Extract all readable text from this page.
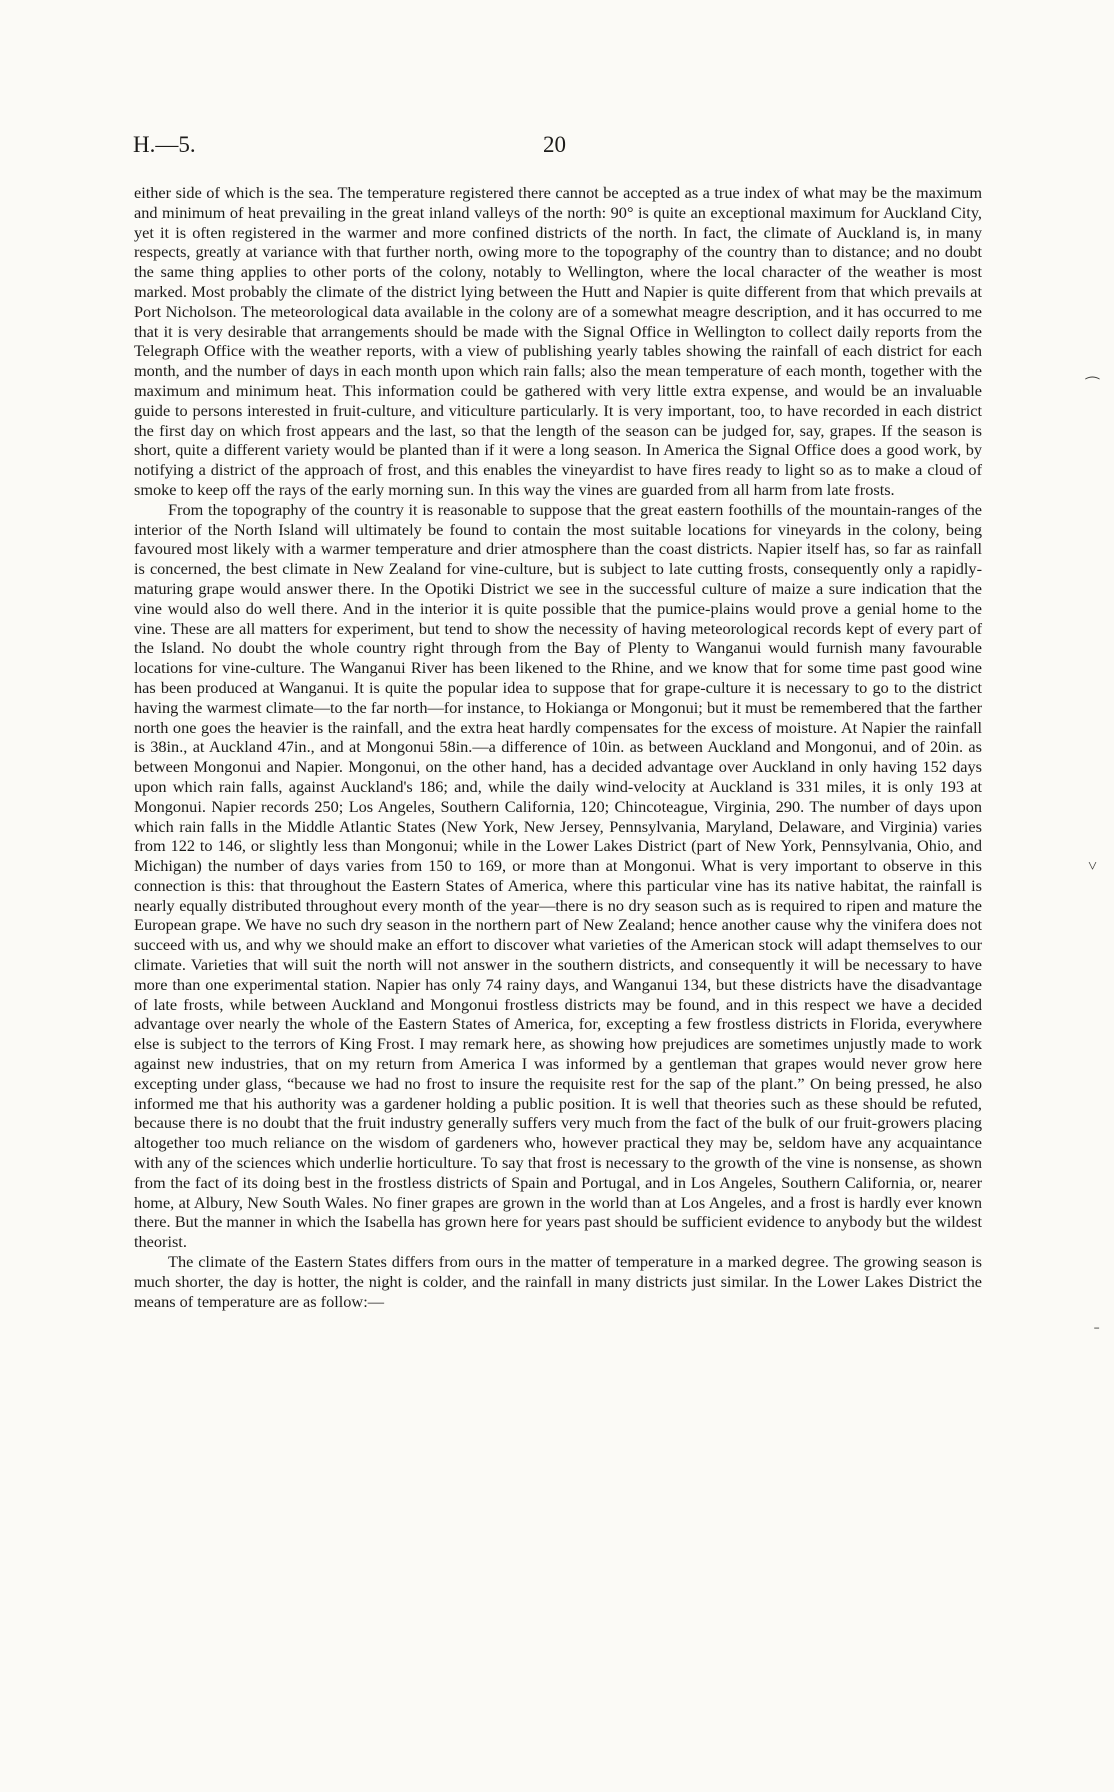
H.—5.	20

either side of which is the sea. The temperature registered there cannot be accepted as a true index of what may be the maximum and minimum of heat prevailing in the great inland valleys of the north: 90° is quite an exceptional maximum for Auckland City, yet it is often registered in the warmer and more confined districts of the north. In fact, the climate of Auckland is, in many respects, greatly at variance with that further north, owing more to the topography of the country than to distance; and no doubt the same thing applies to other ports of the colony, notably to Wellington, where the local character of the weather is most marked. Most probably the climate of the district lying between the Hutt and Napier is quite different from that which prevails at Port Nicholson. The meteorological data available in the colony are of a somewhat meagre description, and it has occurred to me that it is very desirable that arrangements should be made with the Signal Office in Wellington to collect daily reports from the Telegraph Office with the weather reports, with a view of publishing yearly tables showing the rainfall of each district for each month, and the number of days in each month upon which rain falls; also the mean temperature of each month, together with the maximum and minimum heat. This information could be gathered with very little extra expense, and would be an invaluable guide to persons interested in fruit-culture, and viticulture particularly. It is very important, too, to have recorded in each district the first day on which frost appears and the last, so that the length of the season can be judged for, say, grapes. If the season is short, quite a different variety would be planted than if it were a long season. In America the Signal Office does a good work, by notifying a district of the approach of frost, and this enables the vineyardist to have fires ready to light so as to make a cloud of smoke to keep off the rays of the early morning sun. In this way the vines are guarded from all harm from late frosts.

From the topography of the country it is reasonable to suppose that the great eastern foothills of the mountain-ranges of the interior of the North Island will ultimately be found to contain the most suitable locations for vineyards in the colony, being favoured most likely with a warmer temperature and drier atmosphere than the coast districts. Napier itself has, so far as rainfall is concerned, the best climate in New Zealand for vine-culture, but is subject to late cutting frosts, consequently only a rapidly-maturing grape would answer there. In the Opotiki District we see in the successful culture of maize a sure indication that the vine would also do well there. And in the interior it is quite possible that the pumice-plains would prove a genial home to the vine. These are all matters for experiment, but tend to show the necessity of having meteorological records kept of every part of the Island. No doubt the whole country right through from the Bay of Plenty to Wanganui would furnish many favourable locations for vine-culture. The Wanganui River has been likened to the Rhine, and we know that for some time past good wine has been produced at Wanganui. It is quite the popular idea to suppose that for grape-culture it is necessary to go to the district having the warmest climate—to the far north—for instance, to Hokianga or Mongonui; but it must be remembered that the farther north one goes the heavier is the rainfall, and the extra heat hardly compensates for the excess of moisture. At Napier the rainfall is 38in., at Auckland 47in., and at Mongonui 58in.—a difference of 10in. as between Auckland and Mongonui, and of 20in. as between Mongonui and Napier. Mongonui, on the other hand, has a decided advantage over Auckland in only having 152 days upon which rain falls, against Auckland's 186; and, while the daily wind-velocity at Auckland is 331 miles, it is only 193 at Mongonui. Napier records 250; Los Angeles, Southern California, 120; Chincoteague, Virginia, 290. The number of days upon which rain falls in the Middle Atlantic States (New York, New Jersey, Pennsylvania, Maryland, Delaware, and Virginia) varies from 122 to 146, or slightly less than Mongonui; while in the Lower Lakes District (part of New York, Pennsylvania, Ohio, and Michigan) the number of days varies from 150 to 169, or more than at Mongonui. What is very important to observe in this connection is this: that throughout the Eastern States of America, where this particular vine has its native habitat, the rainfall is nearly equally distributed throughout every month of the year—there is no dry season such as is required to ripen and mature the European grape. We have no such dry season in the northern part of New Zealand; hence another cause why the vinifera does not succeed with us, and why we should make an effort to discover what varieties of the American stock will adapt themselves to our climate. Varieties that will suit the north will not answer in the southern districts, and consequently it will be necessary to have more than one experimental station. Napier has only 74 rainy days, and Wanganui 134, but these districts have the disadvantage of late frosts, while between Auckland and Mongonui frostless districts may be found, and in this respect we have a decided advantage over nearly the whole of the Eastern States of America, for, excepting a few frostless districts in Florida, everywhere else is subject to the terrors of King Frost. I may remark here, as showing how prejudices are sometimes unjustly made to work against new industries, that on my return from America I was informed by a gentleman that grapes would never grow here excepting under glass, “because we had no frost to insure the requisite rest for the sap of the plant.” On being pressed, he also informed me that his authority was a gardener holding a public position. It is well that theories such as these should be refuted, because there is no doubt that the fruit industry generally suffers very much from the fact of the bulk of our fruit-growers placing altogether too much reliance on the wisdom of gardeners who, however practical they may be, seldom have any acquaintance with any of the sciences which underlie horticulture. To say that frost is necessary to the growth of the vine is nonsense, as shown from the fact of its doing best in the frostless districts of Spain and Portugal, and in Los Angeles, Southern California, or, nearer home, at Albury, New South Wales. No finer grapes are grown in the world than at Los Angeles, and a frost is hardly ever known there. But the manner in which the Isabella has grown here for years past should be sufficient evidence to anybody but the wildest theorist.

The climate of the Eastern States differs from ours in the matter of temperature in a marked degree. The growing season is much shorter, the day is hotter, the night is colder, and the rainfall in many districts just similar. In the Lower Lakes District the means of temperature are as follow:—

⁀
˅
˗
